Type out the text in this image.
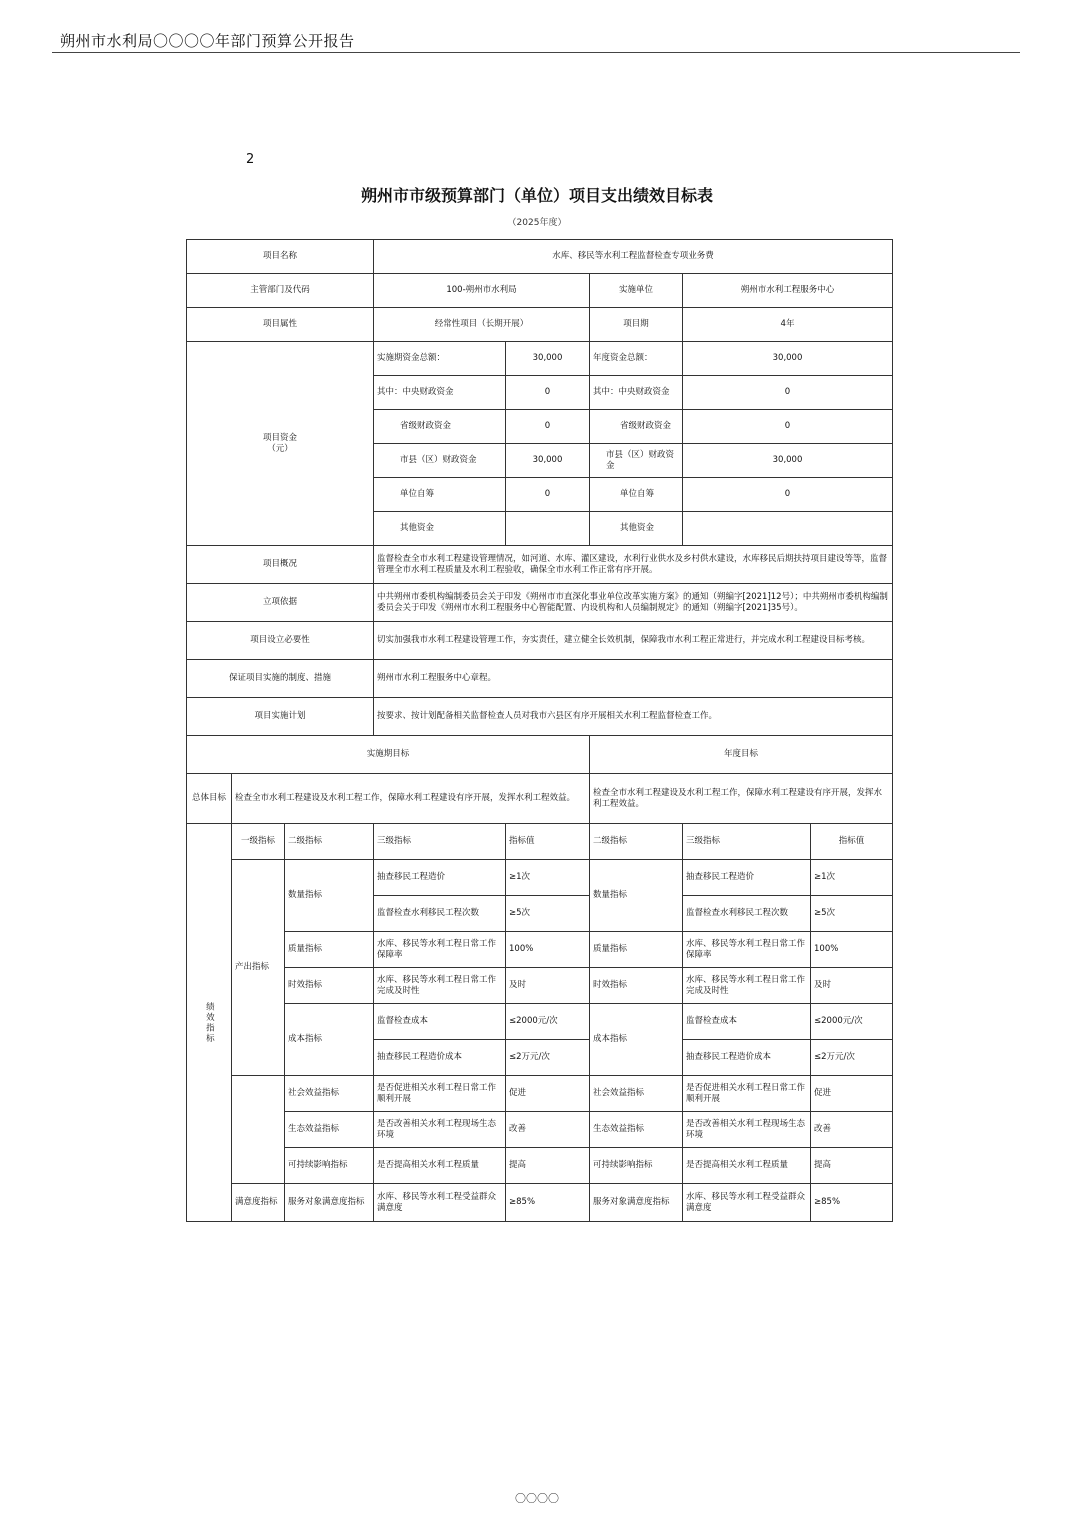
朔州市水利局〇〇〇〇年部门预算公开报告
2
朔州市市级预算部门（单位）项目支出绩效目标表
（2025年度）
项目名称			水库、移民等水利工程监督检查专项业务费				
主管部门及代码			100-朔州市水利局		实施单位	朔州市水利工程服务中心	
项目属性			经常性项目（长期开展）		项目期	4年	

项目资金
（元）			实施期资金总额：	30,000	年度资金总额：	30,000	
			其中：中央财政资金	0	其中：中央财政资金	0	
			省级财政资金	0	省级财政资金	0	
			市县（区）财政资金	30,000	市县（区）财政资金	30,000	
			单位自筹	0	单位自筹	0	
			其他资金		其他资金		
项目概况			监督检查全市水利工程建设管理情况，如河道、水库、灌区建设，水利行业供水及乡村供水建设，水库移民后期扶持项目建设等等，监督管理全市水利工程质量及水利工程验收，确保全市水利工作正常有序开展。				
立项依据			中共朔州市委机构编制委员会关于印发《朔州市市直深化事业单位改革实施方案》的通知（朔编字[2021]12号）；中共朔州市委机构编制委员会关于印发《朔州市水利工程服务中心智能配置、内设机构和人员编制规定》的通知（朔编字[2021]35号）。				
项目设立必要性			切实加强我市水利工程建设管理工作，夯实责任，建立健全长效机制，保障我市水利工程正常进行，并完成水利工程建设目标考核。				
保证项目实施的制度、措施			朔州市水利工程服务中心章程。				
项目实施计划			按要求、按计划配备相关监督检查人员对我市六县区有序开展相关水利工程监督检查工作。				
实施期目标					年度目标		
总体目标	检查全市水利工程建设及水利工程工作，保障水利工程建设有序开展，发挥水利工程效益。				检查全市水利工程建设及水利工程工作，保障水利工程建设有序开展，发挥水利工程效益。		
绩效指标	一级指标	二级指标	三级指标	指标值	二级指标	三级指标	指标值
	产出指标	数量指标	抽查移民工程造价	≥1次	数量指标	抽查移民工程造价	≥1次
			监督检查水利移民工程次数	≥5次		监督检查水利移民工程次数	≥5次
		质量指标	水库、移民等水利工程日常工作保障率	100%	质量指标	水库、移民等水利工程日常工作保障率	100%
		时效指标	水库、移民等水利工程日常工作完成及时性	及时	时效指标	水库、移民等水利工程日常工作完成及时性	及时
		成本指标	监督检查成本	≤2000元/次	成本指标	监督检查成本	≤2000元/次
			抽查移民工程造价成本	≤2万元/次		抽查移民工程造价成本	≤2万元/次
		社会效益指标	是否促进相关水利工程日常工作顺利开展	促进	社会效益指标	是否促进相关水利工程日常工作顺利开展	促进
		生态效益指标	是否改善相关水利工程现场生态环境	改善	生态效益指标	是否改善相关水利工程现场生态环境	改善
		可持续影响指标	是否提高相关水利工程质量	提高	可持续影响指标	是否提高相关水利工程质量	提高
	满意度指标	服务对象满意度指标	水库、移民等水利工程受益群众满意度	≥85%	服务对象满意度指标	水库、移民等水利工程受益群众满意度	≥85%
〇〇〇〇
